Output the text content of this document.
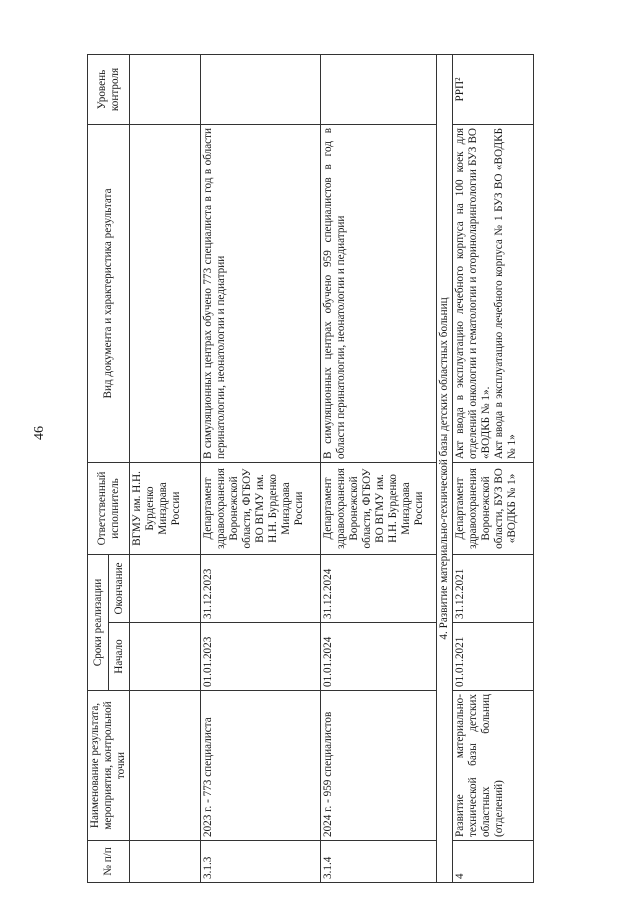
46
№ п/п	Наименование результата, мероприятия, контрольной точки	Сроки реализации		Ответственный исполнитель	Вид документа и характеристика результата	Уровень контроля
		Начало	Окончание			
				ВГМУ им. Н.Н. Бурденко Минздрава России		
3.1.3	2023 г. - 773 специалиста	01.01.2023	31.12.2023	Департамент здравоохранения Воронежской области, ФГБОУ ВО ВГМУ им. Н.Н. Бурденко Минздрава России	В симуляционных центрах обучено 773 специалиста в год в области перинатологии, неонатологии и педиатрии	
3.1.4	2024 г. - 959 специалистов	01.01.2024	31.12.2024	Департамент здравоохранения Воронежской области, ФГБОУ ВО ВГМУ им. Н.Н. Бурденко Минздрава России	В симуляционных центрах обучено 959 специалистов в год в области перинатологии, неонатологии и педиатрии	
4. Развитие материально-технической базы детских областных больниц						
4	Развитие материально-технической базы детских областных больниц (отделений)	01.01.2021	31.12.2021	Департамент здравоохранения Воронежской области, БУЗ ВО «ВОДКБ № 1»	Акт ввода в эксплуатацию лечебного корпуса на 100 коек для отделений онкологии и гематологии и оториноларингологии БУЗ ВО «ВОДКБ № 1». Акт ввода в эксплуатацию лечебного корпуса № 1 БУЗ ВО «ВОДКБ № 1»	РРП²
